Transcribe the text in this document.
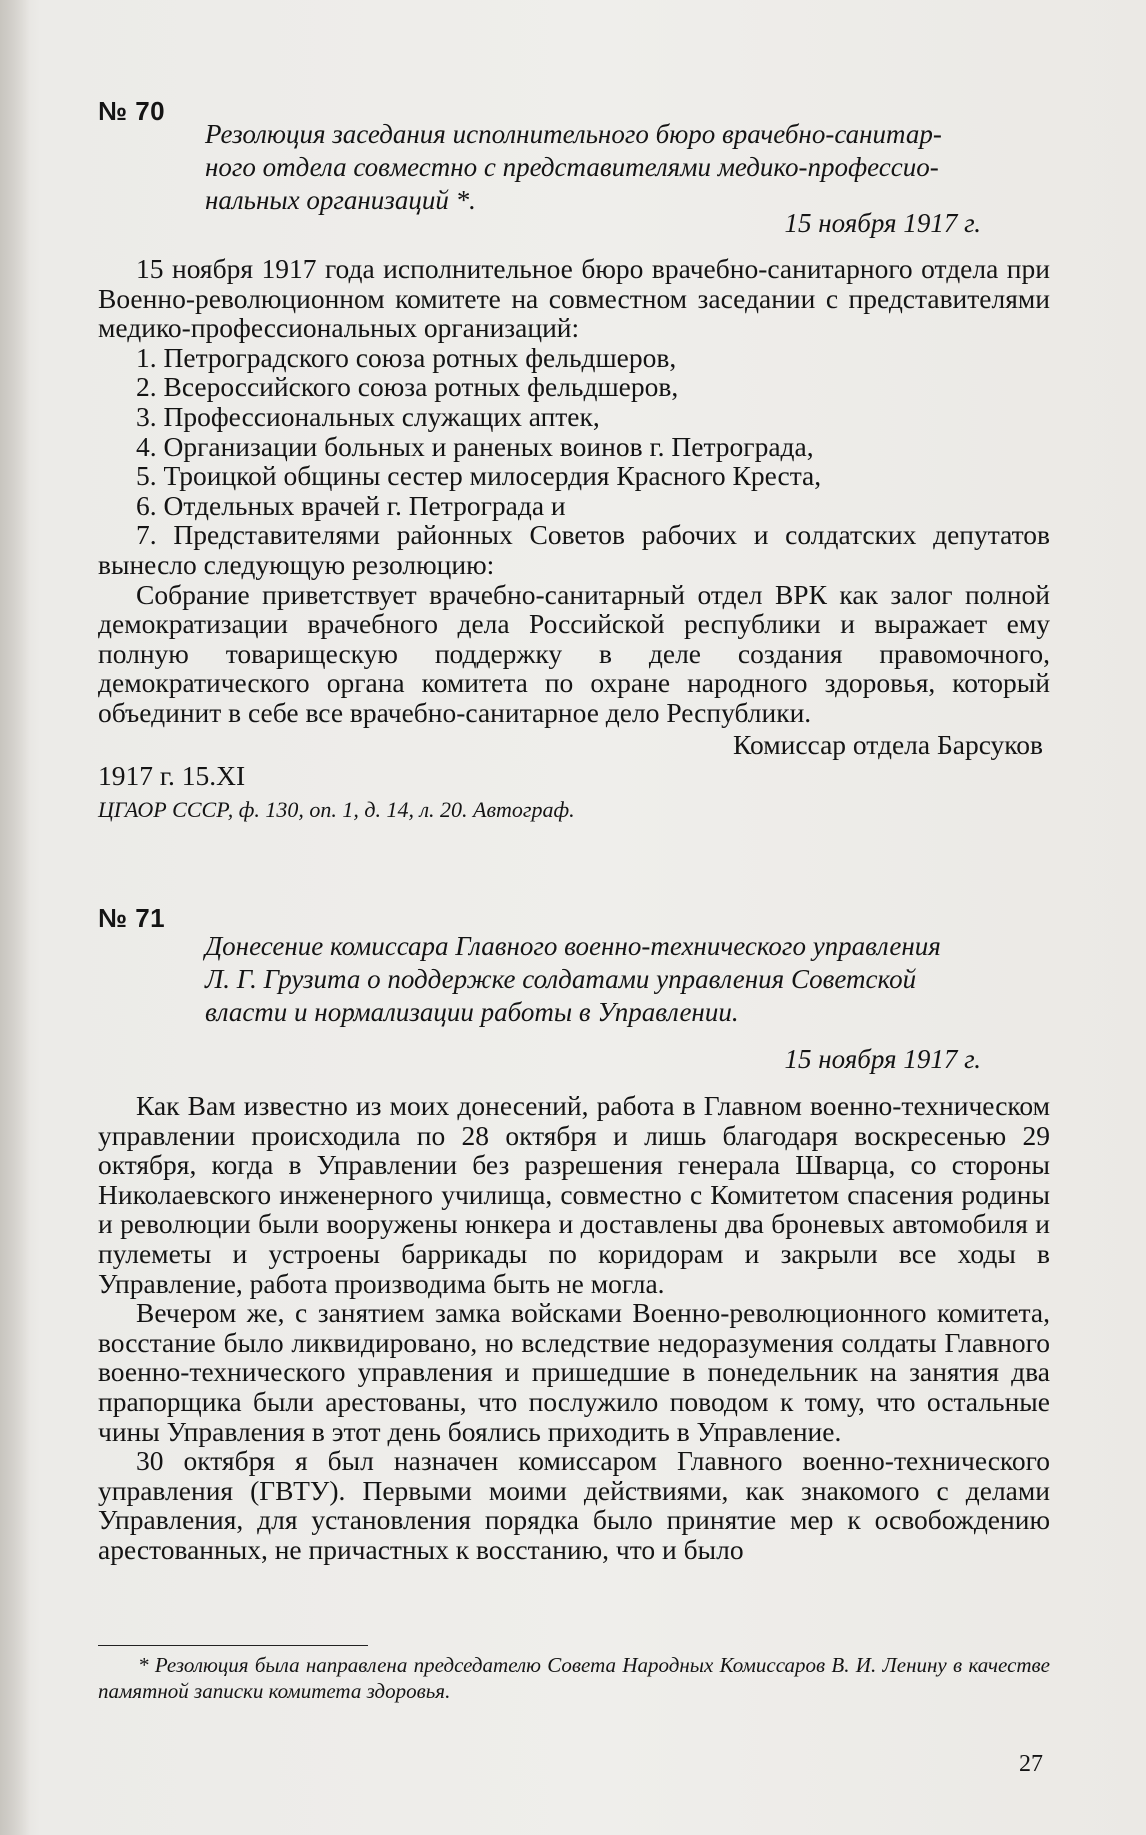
№ 70
Резолюция заседания исполнительного бюро врачебно-санитар-
ного отдела совместно с представителями медико-профессио-
нальных организаций *.
15 ноября 1917 г.

15 ноября 1917 года исполнительное бюро врачебно-санитарного отдела при Военно-революционном комитете на совместном заседании с представителями медико-профессиональных организаций:

1. Петроградского союза ротных фельдшеров,

2. Всероссийского союза ротных фельдшеров,

3. Профессиональных служащих аптек,

4. Организации больных и раненых воинов г. Петрограда,

5. Троицкой общины сестер милосердия Красного Креста,

6. Отдельных врачей г. Петрограда и

7. Представителями районных Советов рабочих и солдатских депутатов вынесло следующую резолюцию:

Собрание приветствует врачебно-санитарный отдел ВРК как залог полной демократизации врачебного дела Российской республики и выражает ему полную товарищескую поддержку в деле создания правомочного, демократического органа комитета по охране народного здоровья, который объединит в себе все врачебно-санитарное дело Республики.

Комиссар отдела Барсуков
1917 г. 15.XI
ЦГАОР СССР, ф. 130, оп. 1, д. 14, л. 20. Автограф.
№ 71
Донесение комиссара Главного военно-технического управления
Л. Г. Грузита о поддержке солдатами управления Советской
власти и нормализации работы в Управлении.
15 ноября 1917 г.

Как Вам известно из моих донесений, работа в Главном военно-техническом управлении происходила по 28 октября и лишь благодаря воскресенью 29 октября, когда в Управлении без разрешения генерала Шварца, со стороны Николаевского инженерного училища, совместно с Комитетом спасения родины и революции были вооружены юнкера и доставлены два броневых автомобиля и пулеметы и устроены баррикады по коридорам и закрыли все ходы в Управление, работа производима быть не могла.

Вечером же, с занятием замка войсками Военно-революционного комитета, восстание было ликвидировано, но вследствие недоразумения солдаты Главного военно-технического управления и пришедшие в понедельник на занятия два прапорщика были арестованы, что послужило поводом к тому, что остальные чины Управления в этот день боялись приходить в Управление.

30 октября я был назначен комиссаром Главного военно-технического управления (ГВТУ). Первыми моими действиями, как знакомого с делами Управления, для установления порядка было принятие мер к освобождению арестованных, не причастных к восстанию, что и было

* Резолюция была направлена председателю Совета Народных Комиссаров В. И. Ленину в качестве памятной записки комитета здоровья.

27
